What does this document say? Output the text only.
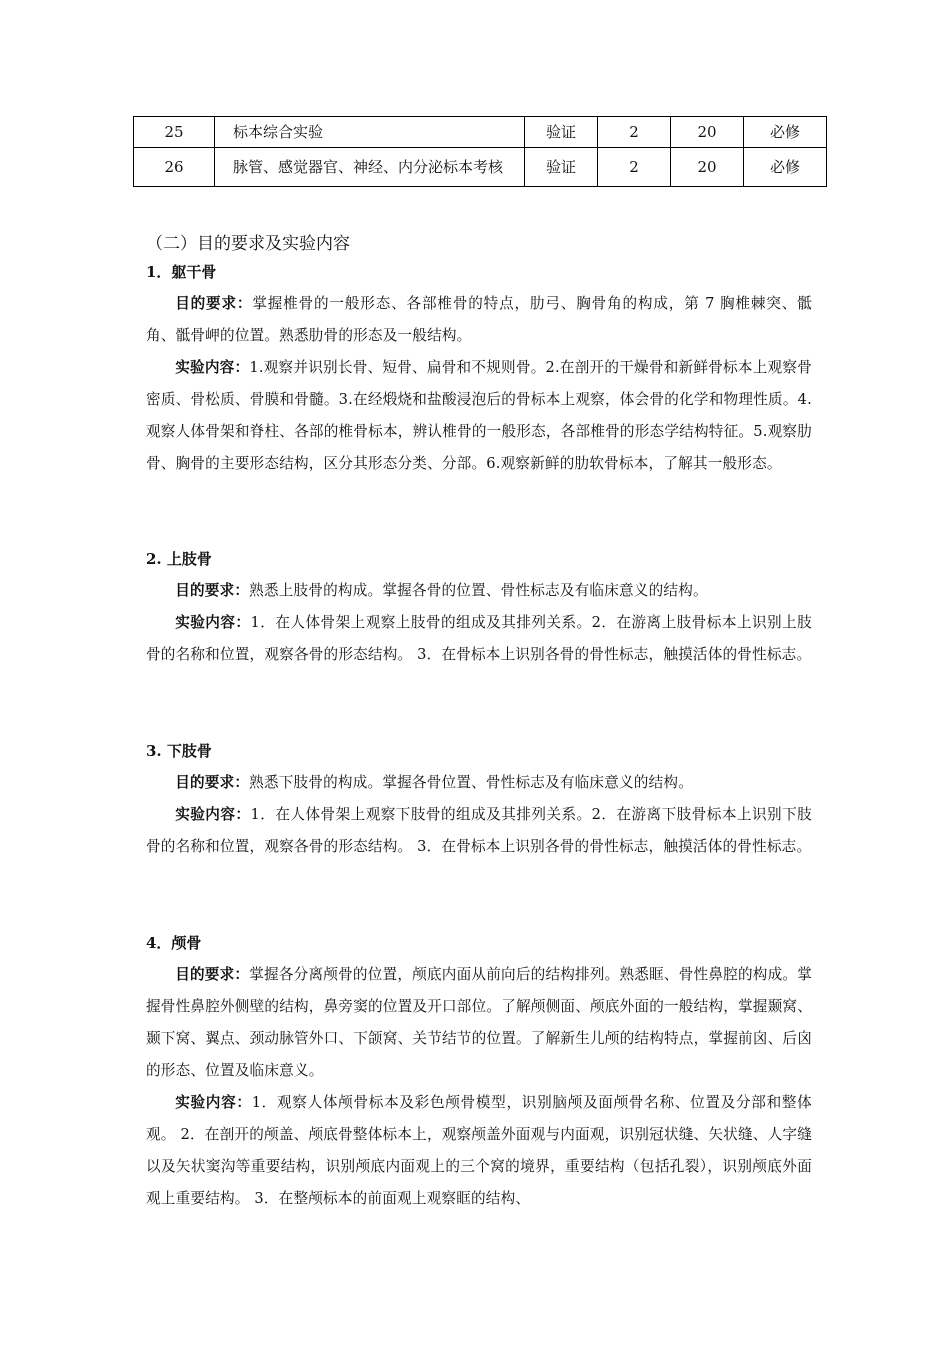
25	标本综合实验	验证	2	20	必修
26	脉管、感觉器官、神经、内分泌标本考核	验证	2	20	必修
（二）目的要求及实验内容

1．躯干骨

目的要求：掌握椎骨的一般形态、各部椎骨的特点，肋弓、胸骨角的构成，第 7 胸椎棘突、骶角、骶骨岬的位置。熟悉肋骨的形态及一般结构。

实验内容：1.观察并识别长骨、短骨、扁骨和不规则骨。2.在剖开的干燥骨和新鲜骨标本上观察骨密质、骨松质、骨膜和骨髓。3.在经煅烧和盐酸浸泡后的骨标本上观察，体会骨的化学和物理性质。4.观察人体骨架和脊柱、各部的椎骨标本，辨认椎骨的一般形态，各部椎骨的形态学结构特征。5.观察肋骨、胸骨的主要形态结构，区分其形态分类、分部。6.观察新鲜的肋软骨标本，了解其一般形态。

2. 上肢骨

目的要求：熟悉上肢骨的构成。掌握各骨的位置、骨性标志及有临床意义的结构。

实验内容：1．在人体骨架上观察上肢骨的组成及其排列关系。2．在游离上肢骨标本上识别上肢骨的名称和位置，观察各骨的形态结构。 3．在骨标本上识别各骨的骨性标志，触摸活体的骨性标志。

3. 下肢骨

目的要求：熟悉下肢骨的构成。掌握各骨位置、骨性标志及有临床意义的结构。

实验内容：1．在人体骨架上观察下肢骨的组成及其排列关系。2．在游离下肢骨标本上识别下肢骨的名称和位置，观察各骨的形态结构。 3．在骨标本上识别各骨的骨性标志，触摸活体的骨性标志。

4．颅骨

目的要求：掌握各分离颅骨的位置，颅底内面从前向后的结构排列。熟悉眶、骨性鼻腔的构成。掌握骨性鼻腔外侧壁的结构，鼻旁窦的位置及开口部位。了解颅侧面、颅底外面的一般结构，掌握颞窝、颞下窝、翼点、颈动脉管外口、下颌窝、关节结节的位置。了解新生儿颅的结构特点，掌握前囟、后囟的形态、位置及临床意义。

实验内容：1．观察人体颅骨标本及彩色颅骨模型，识别脑颅及面颅骨名称、位置及分部和整体观。 2．在剖开的颅盖、颅底骨整体标本上，观察颅盖外面观与内面观，识别冠状缝、矢状缝、人字缝以及矢状窦沟等重要结构，识别颅底内面观上的三个窝的境界，重要结构（包括孔裂），识别颅底外面观上重要结构。 3．在整颅标本的前面观上观察眶的结构、
